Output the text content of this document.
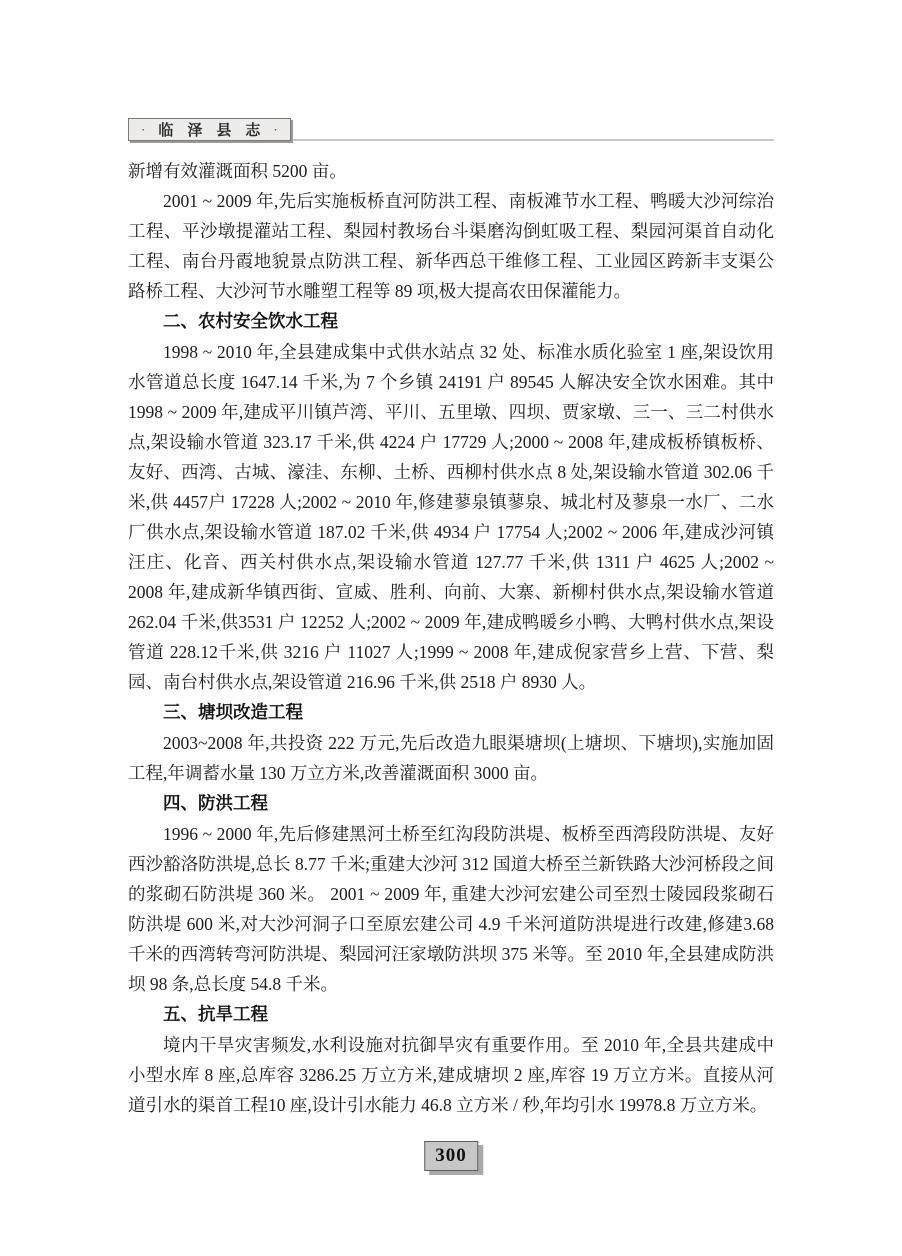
· 临泽县志 ·

新增有效灌溉面积 5200 亩。

2001 ~ 2009 年,先后实施板桥直河防洪工程、南板滩节水工程、鸭暖大沙河综治工程、平沙墩提灌站工程、梨园村教场台斗渠磨沟倒虹吸工程、梨园河渠首自动化工程、南台丹霞地貌景点防洪工程、新华西总干维修工程、工业园区跨新丰支渠公路桥工程、大沙河节水雕塑工程等 89 项,极大提高农田保灌能力。

二、农村安全饮水工程

1998 ~ 2010 年,全县建成集中式供水站点 32 处、标准水质化验室 1 座,架设饮用水管道总长度 1647.14 千米,为 7 个乡镇 24191 户 89545 人解决安全饮水困难。其中1998 ~ 2009 年,建成平川镇芦湾、平川、五里墩、四坝、贾家墩、三一、三二村供水点,架设输水管道 323.17 千米,供 4224 户 17729 人;2000 ~ 2008 年,建成板桥镇板桥、友好、西湾、古城、濠洼、东柳、土桥、西柳村供水点 8 处,架设输水管道 302.06 千米,供 4457户 17228 人;2002 ~ 2010 年,修建蓼泉镇蓼泉、城北村及蓼泉一水厂、二水厂供水点,架设输水管道 187.02 千米,供 4934 户 17754 人;2002 ~ 2006 年,建成沙河镇汪庄、化音、西关村供水点,架设输水管道 127.77 千米,供 1311 户 4625 人;2002 ~ 2008 年,建成新华镇西街、宣威、胜利、向前、大寨、新柳村供水点,架设输水管道 262.04 千米,供3531 户 12252 人;2002 ~ 2009 年,建成鸭暖乡小鸭、大鸭村供水点,架设管道 228.12千米,供 3216 户 11027 人;1999 ~ 2008 年,建成倪家营乡上营、下营、梨园、南台村供水点,架设管道 216.96 千米,供 2518 户 8930 人。

三、塘坝改造工程

2003~2008 年,共投资 222 万元,先后改造九眼渠塘坝(上塘坝、下塘坝),实施加固工程,年调蓄水量 130 万立方米,改善灌溉面积 3000 亩。

四、防洪工程

1996 ~ 2000 年,先后修建黑河土桥至红沟段防洪堤、板桥至西湾段防洪堤、友好西沙豁洛防洪堤,总长 8.77 千米;重建大沙河 312 国道大桥至兰新铁路大沙河桥段之间的浆砌石防洪堤 360 米。 2001 ~ 2009 年, 重建大沙河宏建公司至烈士陵园段浆砌石防洪堤 600 米,对大沙河洞子口至原宏建公司 4.9 千米河道防洪堤进行改建,修建3.68 千米的西湾转弯河防洪堤、梨园河汪家墩防洪坝 375 米等。至 2010 年,全县建成防洪坝 98 条,总长度 54.8 千米。

五、抗旱工程

境内干旱灾害频发,水利设施对抗御旱灾有重要作用。至 2010 年,全县共建成中小型水库 8 座,总库容 3286.25 万立方米,建成塘坝 2 座,库容 19 万立方米。直接从河道引水的渠首工程10 座,设计引水能力 46.8 立方米 / 秒,年均引水 19978.8 万立方米。

300
